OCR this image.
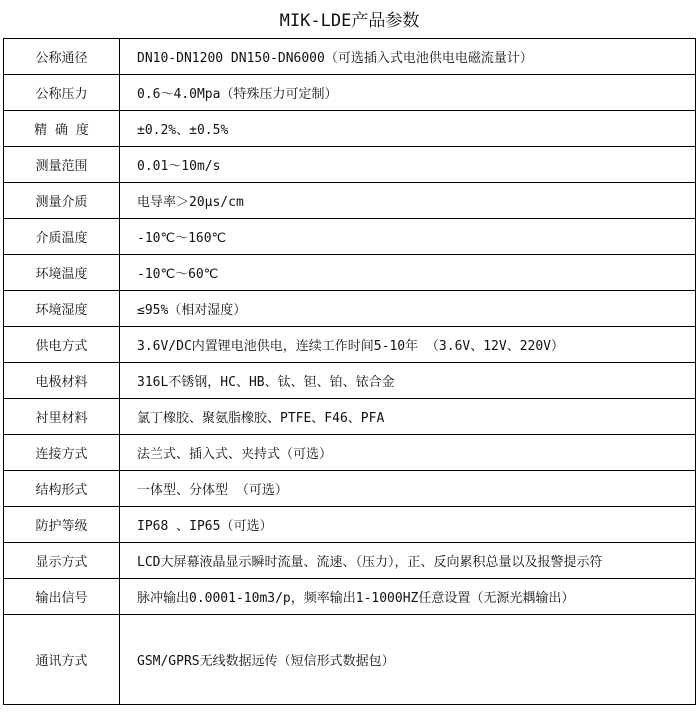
MIK-LDE产品参数
公称通径	DN10-DN1200 DN150-DN6000（可选插入式电池供电电磁流量计）
公称压力	0.6～4.0Mpa（特殊压力可定制）
精 确 度	±0.2%、±0.5%
测量范围	0.01～10m/s
测量介质	电导率＞20μs/cm
介质温度	-10℃～160℃
环境温度	-10℃～60℃
环境湿度	≤95%（相对湿度）
供电方式	3.6V/DC内置锂电池供电，连续工作时间5-10年 （3.6V、12V、220V）
电极材料	316L不锈钢，HC、HB、钛、钽、铂、铱合金
衬里材料	氯丁橡胶、聚氨脂橡胶、PTFE、F46、PFA
连接方式	法兰式、插入式、夹持式（可选）
结构形式	一体型、分体型 （可选）
防护等级	IP68 、IP65（可选）
显示方式	LCD大屏幕液晶显示瞬时流量、流速、（压力），正、反向累积总量以及报警提示符
输出信号	脉冲输出0.0001-10m3/p，频率输出1-1000HZ任意设置（无源光耦输出）
通讯方式	GSM/GPRS无线数据远传（短信形式数据包）
